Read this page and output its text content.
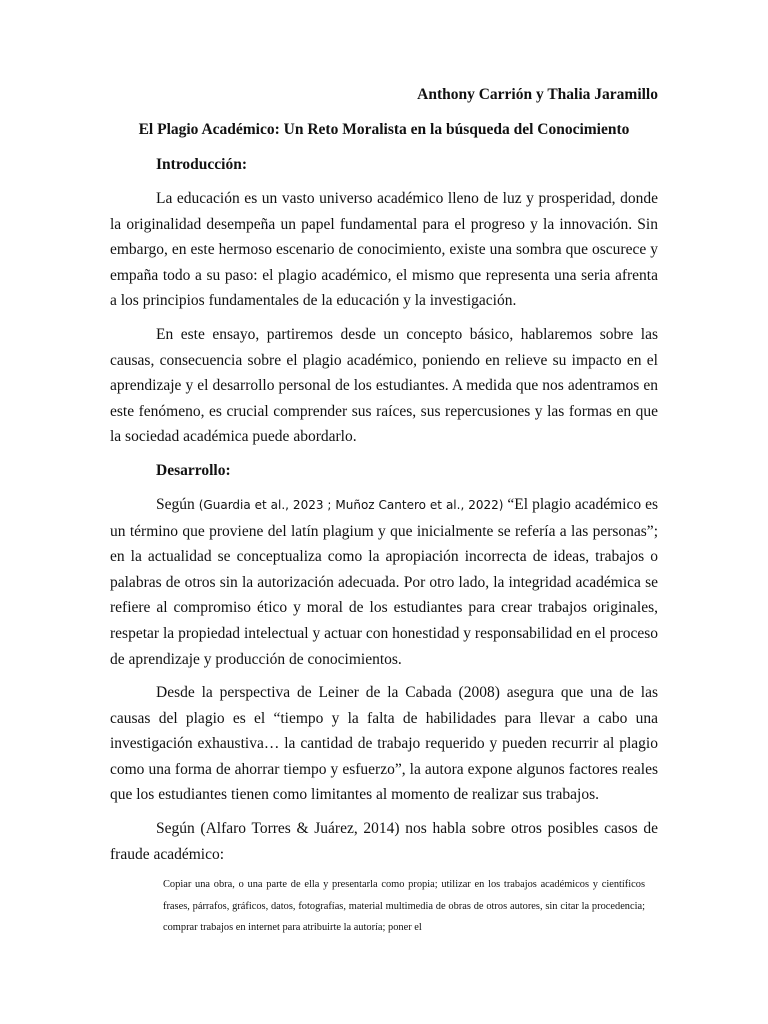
Anthony Carrión y Thalia Jaramillo
El Plagio Académico: Un Reto Moralista en la búsqueda del Conocimiento
Introducción:

La educación es un vasto universo académico lleno de luz y prosperidad, donde la originalidad desempeña un papel fundamental para el progreso y la innovación. Sin embargo, en este hermoso escenario de conocimiento, existe una sombra que oscurece y empaña todo a su paso: el plagio académico, el mismo que representa una seria afrenta a los principios fundamentales de la educación y la investigación.

En este ensayo, partiremos desde un concepto básico, hablaremos sobre las causas, consecuencia sobre el plagio académico, poniendo en relieve su impacto en el aprendizaje y el desarrollo personal de los estudiantes. A medida que nos adentramos en este fenómeno, es crucial comprender sus raíces, sus repercusiones y las formas en que la sociedad académica puede abordarlo.

Desarrollo:

Según (Guardia et al., 2023 ; Muñoz Cantero et al., 2022) “El plagio académico es un término que proviene del latín plagium y que inicialmente se refería a las personas”; en la actualidad se conceptualiza como la apropiación incorrecta de ideas, trabajos o palabras de otros sin la autorización adecuada. Por otro lado, la integridad académica se refiere al compromiso ético y moral de los estudiantes para crear trabajos originales, respetar la propiedad intelectual y actuar con honestidad y responsabilidad en el proceso de aprendizaje y producción de conocimientos.

Desde la perspectiva de Leiner de la Cabada (2008) asegura que una de las causas del plagio es el “tiempo y la falta de habilidades para llevar a cabo una investigación exhaustiva… la cantidad de trabajo requerido y pueden recurrir al plagio como una forma de ahorrar tiempo y esfuerzo”, la autora expone algunos factores reales que los estudiantes tienen como limitantes al momento de realizar sus trabajos.

Según (Alfaro Torres & Juárez, 2014) nos habla sobre otros posibles casos de fraude académico:

Copiar una obra, o una parte de ella y presentarla como propia; utilizar en los trabajos académicos y científicos frases, párrafos, gráficos, datos, fotografías, material multimedia de obras de otros autores, sin citar la procedencia; comprar trabajos en internet para atribuirte la autoría; poner el
